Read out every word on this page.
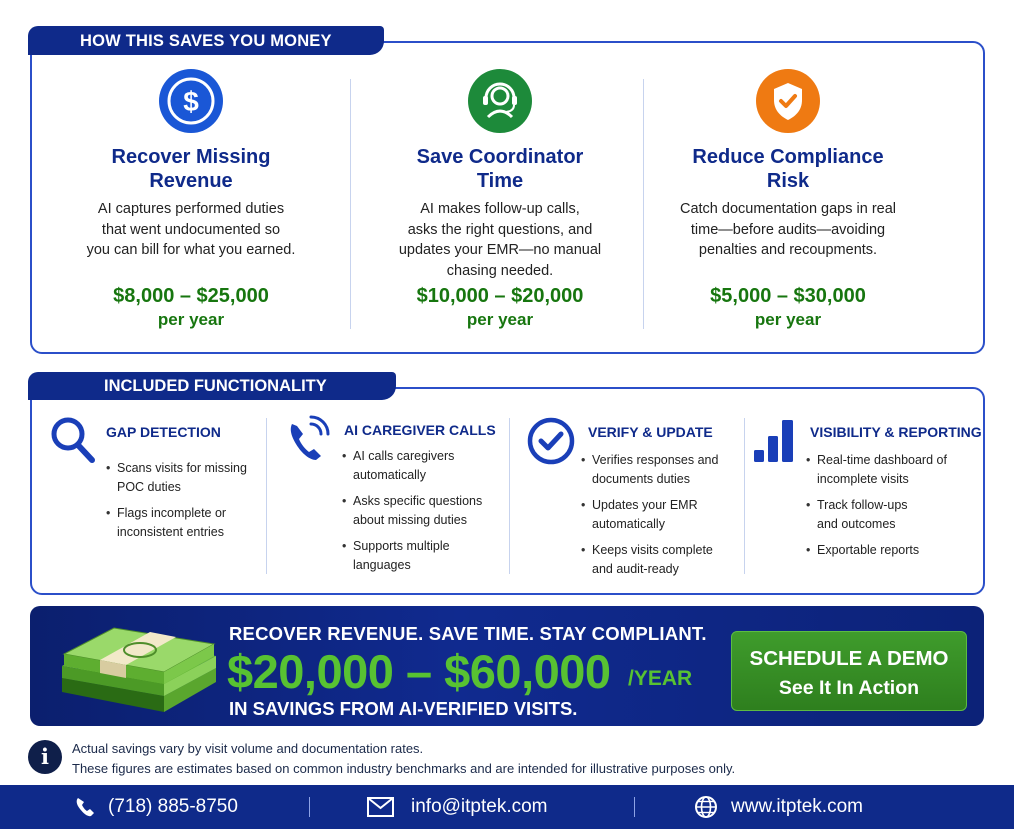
$
Recover Missing
Revenue

AI captures performed duties
that went undocumented so
you can bill for what you earned.

$8,000 – $25,000
per year
Save Coordinator
Time

AI makes follow-up calls,
asks the right questions, and
updates your EMR—no manual
chasing needed.

$10,000 – $20,000
per year
Reduce Compliance
Risk

Catch documentation gaps in real
time—before audits—avoiding
penalties and recoupments.

$5,000 – $30,000
per year
HOW THIS SAVES YOU MONEY
INCLUDED FUNCTIONALITY
GAP DETECTION
• Scans visits for missing POC duties
• Flags incomplete or inconsistent entries
AI CAREGIVER CALLS
• AI calls caregivers automatically
• Asks specific questions about missing duties
• Supports multiple languages
VERIFY & UPDATE
• Verifies responses and documents duties
• Updates your EMR automatically
• Keeps visits complete and audit-ready
VISIBILITY & REPORTING
• Real-time dashboard of incomplete visits
• Track follow-ups and outcomes
• Exportable reports
RECOVER REVENUE. SAVE TIME. STAY COMPLIANT.
$20,000 – $60,000 /YEAR
IN SAVINGS FROM AI-VERIFIED VISITS.
SCHEDULE A DEMO
See It In Action
i	Actual savings vary by visit volume and documentation rates.
These figures are estimates based on common industry benchmarks and are intended for illustrative purposes only.
(718) 885-8750	info@itptek.com	www.itptek.com
